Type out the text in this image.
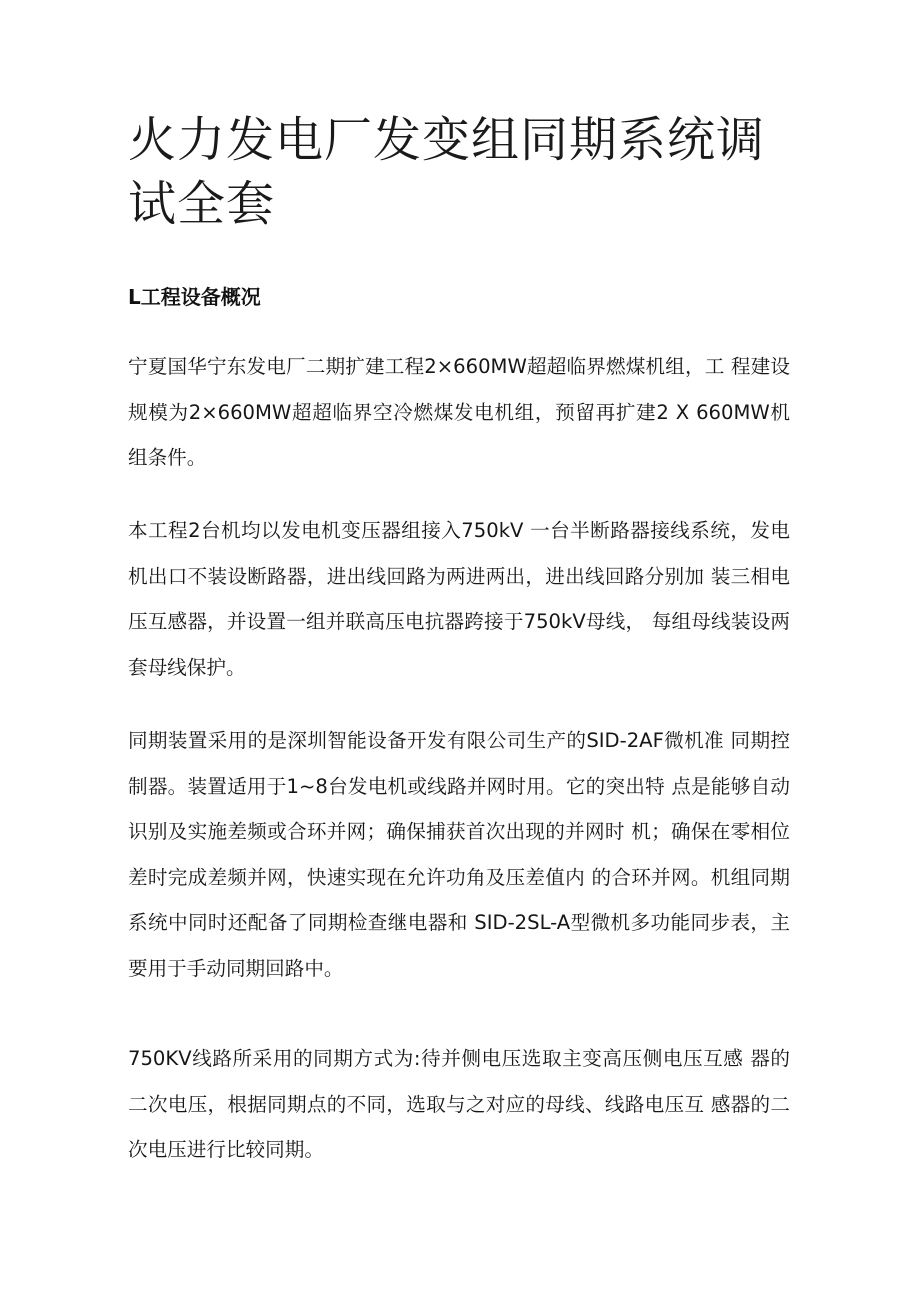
火力发电厂发变组同期系统调试全套
L工程设备概况

宁夏国华宁东发电厂二期扩建工程2×660MW超超临界燃煤机组，工 程建设规模为2×660MW超超临界空冷燃煤发电机组，预留再扩建2 X 660MW机组条件。

本工程2台机均以发电机变压器组接入750kV 一台半断路器接线系统，发电机出口不装设断路器，进出线回路为两进两出，进出线回路分别加 装三相电压互感器，并设置一组并联高压电抗器跨接于750kV母线， 每组母线装设两套母线保护。

同期装置采用的是深圳智能设备开发有限公司生产的SID-2AF微机准 同期控制器。装置适用于1~8台发电机或线路并网时用。它的突出特 点是能够自动识别及实施差频或合环并网；确保捕获首次出现的并网时 机；确保在零相位差时完成差频并网，快速实现在允许功角及压差值内 的合环并网。机组同期系统中同时还配备了同期检查继电器和 SID-2SL-A型微机多功能同步表，主要用于手动同期回路中。

750KV线路所采用的同期方式为:待并侧电压选取主变高压侧电压互感 器的二次电压，根据同期点的不同，选取与之对应的母线、线路电压互 感器的二次电压进行比较同期。
